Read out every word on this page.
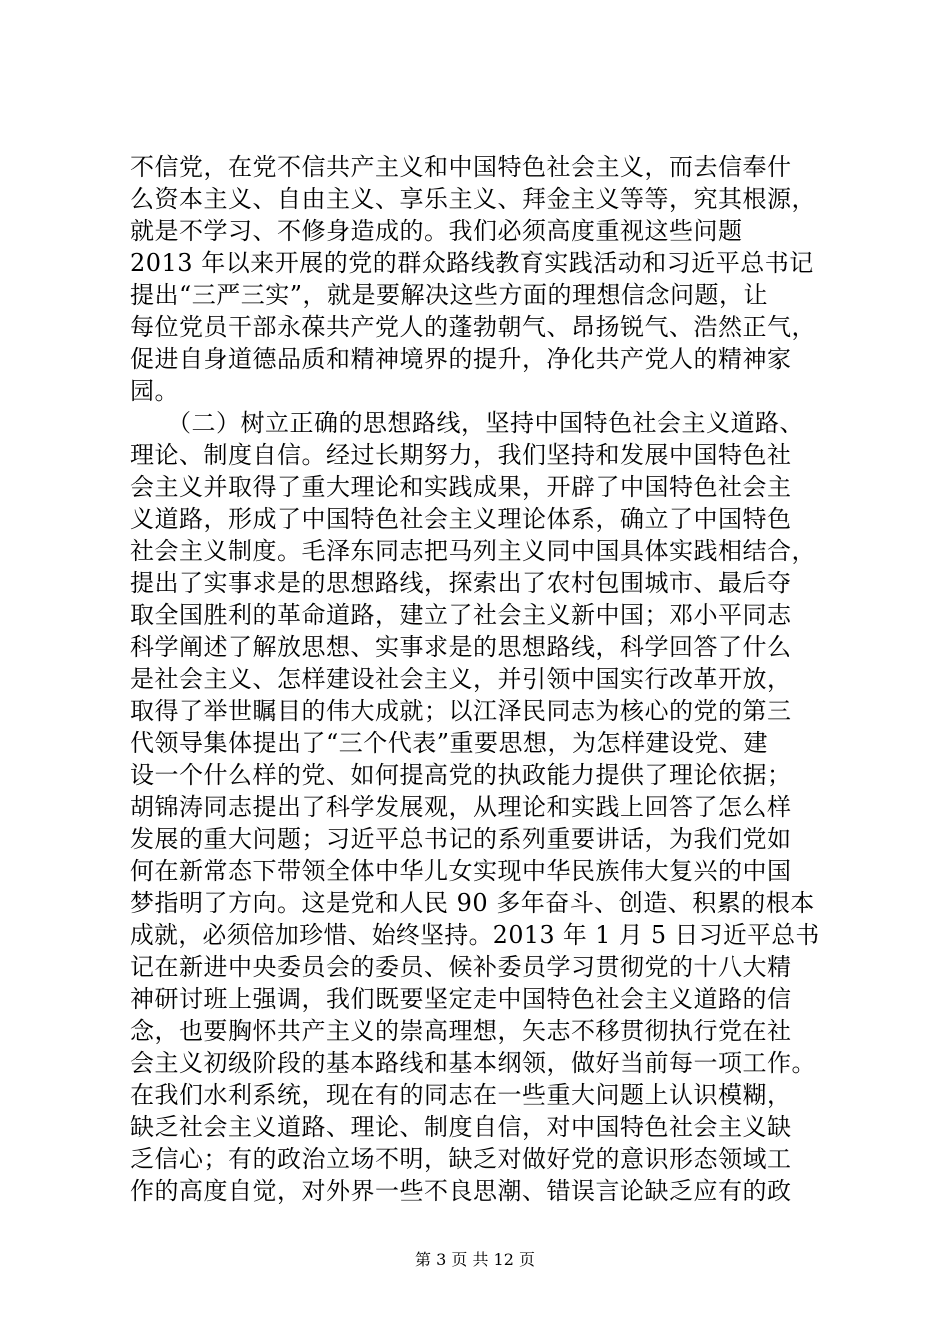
不信党，在党不信共产主义和中国特色社会主义，而去信奉什
么资本主义、自由主义、享乐主义、拜金主义等等，究其根源，
就是不学习、不修身造成的。我们必须高度重视这些问题
2013 年以来开展的党的群众路线教育实践活动和习近平总书记
提出“三严三实”，就是要解决这些方面的理想信念问题，让
每位党员干部永葆共产党人的蓬勃朝气、昂扬锐气、浩然正气，
促进自身道德品质和精神境界的提升，净化共产党人的精神家
园。
　　（二）树立正确的思想路线，坚持中国特色社会主义道路、
理论、制度自信。经过长期努力，我们坚持和发展中国特色社
会主义并取得了重大理论和实践成果，开辟了中国特色社会主
义道路，形成了中国特色社会主义理论体系，确立了中国特色
社会主义制度。毛泽东同志把马列主义同中国具体实践相结合，
提出了实事求是的思想路线，探索出了农村包围城市、最后夺
取全国胜利的革命道路，建立了社会主义新中国；邓小平同志
科学阐述了解放思想、实事求是的思想路线，科学回答了什么
是社会主义、怎样建设社会主义，并引领中国实行改革开放，
取得了举世瞩目的伟大成就；以江泽民同志为核心的党的第三
代领导集体提出了“三个代表”重要思想，为怎样建设党、建
设一个什么样的党、如何提高党的执政能力提供了理论依据；
胡锦涛同志提出了科学发展观，从理论和实践上回答了怎么样
发展的重大问题；习近平总书记的系列重要讲话，为我们党如
何在新常态下带领全体中华儿女实现中华民族伟大复兴的中国
梦指明了方向。这是党和人民 90 多年奋斗、创造、积累的根本
成就，必须倍加珍惜、始终坚持。2013 年 1 月 5 日习近平总书
记在新进中央委员会的委员、候补委员学习贯彻党的十八大精
神研讨班上强调，我们既要坚定走中国特色社会主义道路的信
念，也要胸怀共产主义的崇高理想，矢志不移贯彻执行党在社
会主义初级阶段的基本路线和基本纲领，做好当前每一项工作。
在我们水利系统，现在有的同志在一些重大问题上认识模糊，
缺乏社会主义道路、理论、制度自信，对中国特色社会主义缺
乏信心；有的政治立场不明，缺乏对做好党的意识形态领域工
作的高度自觉，对外界一些不良思潮、错误言论缺乏应有的政
第 3 页 共 12 页
